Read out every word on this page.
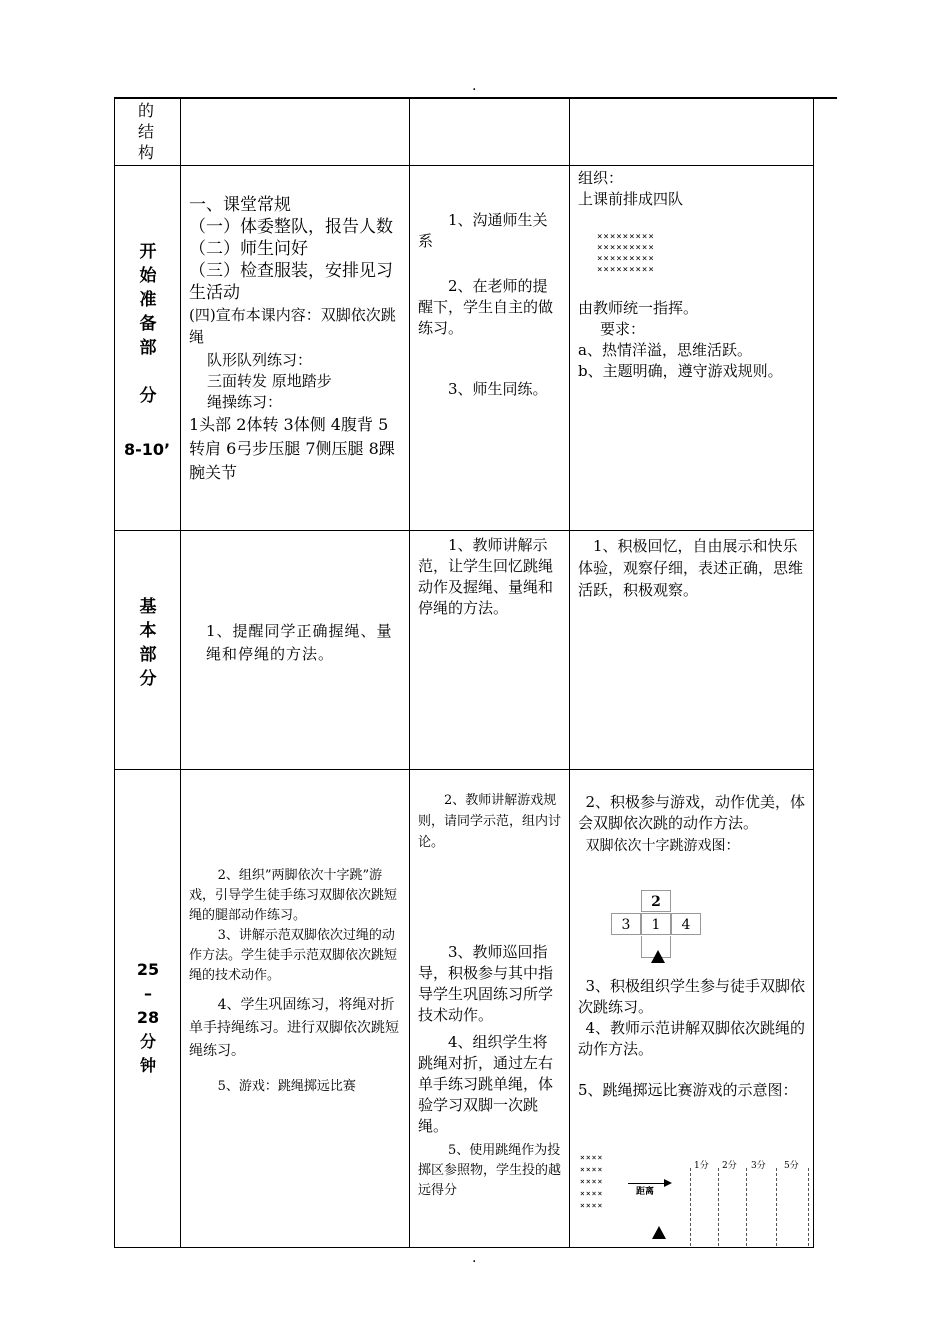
.
.
的
结
构
开
始
准
备
部

分
8-10’
一、课堂常规
（一）体委整队，报告人数
（二）师生问好
（三）检查服装，安排见习生活动
(四)宣布本课内容：双脚依次跳绳
队形队列练习：
三面转发 原地踏步
绳操练习：
1头部 2体转 3体侧 4腹背 5转肩 6弓步压腿 7侧压腿 8踝腕关节
1、沟通师生关系
2、在老师的提醒下，学生自主的做练习。
3、师生同练。
组织：
上课前排成四队
×××××××××
×××××××××
×××××××××
×××××××××
由教师统一指挥。
要求：
a、热情洋溢，思维活跃。
b、主题明确，遵守游戏规则。
基
本
部
分
1、提醒同学正确握绳、量绳和停绳的方法。
1、教师讲解示范，让学生回忆跳绳动作及握绳、量绳和停绳的方法。
1、积极回忆，自由展示和快乐体验，观察仔细，表述正确，思维活跃，积极观察。
25
–
28
分
钟
2、组织”两脚依次十字跳”游戏，引导学生徒手练习双脚依次跳短绳的腿部动作练习。
3、讲解示范双脚依次过绳的动作方法。学生徒手示范双脚依次跳短绳的技术动作。
4、学生巩固练习，将绳对折单手持绳练习。进行双脚依次跳短绳练习。
5、游戏：跳绳掷远比赛
2、教师讲解游戏规则，请同学示范，组内讨论。
3、教师巡回指导，积极参与其中指导学生巩固练习所学技术动作。
4、组织学生将跳绳对折，通过左右单手练习跳单绳，体验学习双脚一次跳绳。
5、使用跳绳作为投掷区参照物，学生投的越远得分
2、积极参与游戏，动作优美，体会双脚依次跳的动作方法。
双脚依次十字跳游戏图：
2
3	1	4
3、积极组织学生参与徒手双脚依次跳练习。
4、教师示范讲解双脚依次跳绳的动作方法。
5、跳绳掷远比赛游戏的示意图：
××××
××××
××××
××××
××××
距离
1分 2分 3分 5分
